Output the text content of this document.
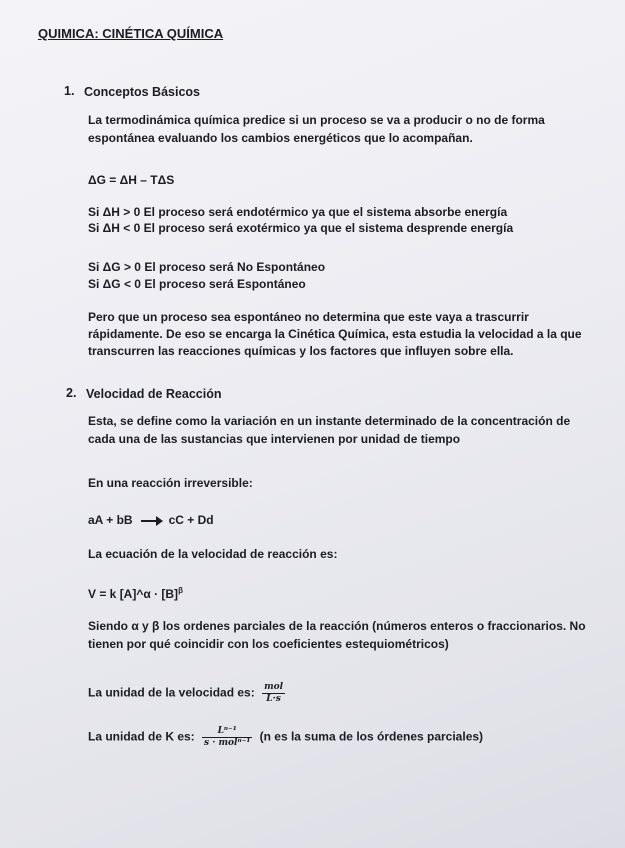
QUIMICA: CINÉTICA QUÍMICA
1. Conceptos Básicos
La termodinámica química predice si un proceso se va a producir o no de forma
espontánea evaluando los cambios energéticos que lo acompañan.
ΔG = ΔH – TΔS
Si ΔH > 0 El proceso será endotérmico ya que el sistema absorbe energía
Si ΔH < 0 El proceso será exotérmico ya que el sistema desprende energía
Si ΔG > 0 El proceso será No Espontáneo
Si ΔG < 0 El proceso será Espontáneo
Pero que un proceso sea espontáneo no determina que este vaya a trascurrir
rápidamente. De eso se encarga la Cinética Química, esta estudia la velocidad a la que
transcurren las reacciones químicas y los factores que influyen sobre ella.
2. Velocidad de Reacción
Esta, se define como la variación en un instante determinado de la concentración de
cada una de las sustancias que intervienen por unidad de tiempo
En una reacción irreversible:
aA + bB	cC + Dd
La ecuación de la velocidad de reacción es:
V = k [A]^α · $[B]^\beta$
Siendo α y β los ordenes parciales de la reacción (números enteros o fraccionarios. No
tienen por qué coincidir con los coeficientes estequiométricos)
La unidad de la velocidad es: $\frac{\text{mol}}{L\cdot s}$
La unidad de K es: $\frac{\text{Lⁿ⁻¹}}{\text{s · molⁿ⁻¹}} (n$ es la suma de los órdenes parciales)
